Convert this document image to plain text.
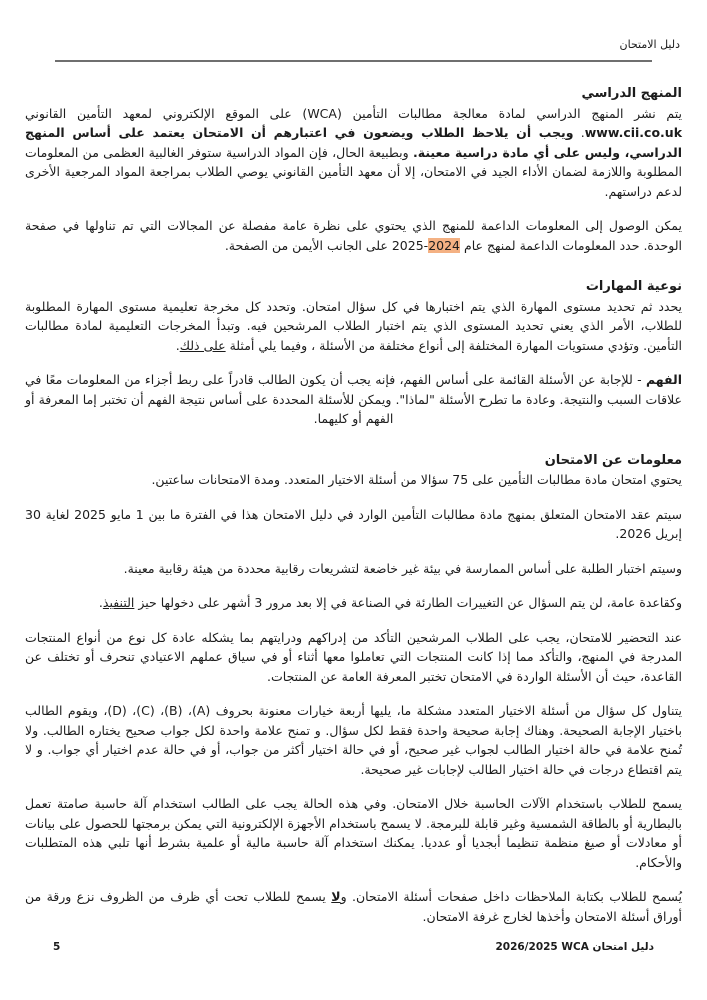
دليل الامتحان
المنهج الدراسي

يتم نشر المنهج الدراسي لمادة معالجة مطالبات التأمين (WCA) على الموقع الإلكتروني لمعهد التأمين القانوني www.cii.co.uk. ويجب أن يلاحظ الطلاب ويضعون في اعتبارهم أن الامتحان يعتمد على أساس المنهج الدراسي، وليس على أي مادة دراسية معينة. وبطبيعة الحال، فإن المواد الدراسية ستوفر الغالبية العظمى من المعلومات المطلوبة واللازمة لضمان الأداء الجيد في الامتحان، إلا أن معهد التأمين القانوني يوصي الطلاب بمراجعة المواد المرجعية الأخرى لدعم دراستهم.

يمكن الوصول إلى المعلومات الداعمة للمنهج الذي يحتوي على نظرة عامة مفصلة عن المجالات التي تم تناولها في صفحة الوحدة. حدد المعلومات الداعمة لمنهج عام 2024-2025 على الجانب الأيمن من الصفحة.

نوعية المهارات

يحدد ثم تحديد مستوى المهارة الذي يتم اختبارها في كل سؤال امتحان. وتحدد كل مخرجة تعليمية مستوى المهارة المطلوبة للطلاب، الأمر الذي يعني تحديد المستوى الذي يتم اختبار الطلاب المرشحين فيه. وتبدأ المخرجات التعليمية لمادة مطالبات التأمين. وتؤدي مستويات المهارة المختلفة إلى أنواع مختلفة من الأسئلة ، وفيما يلي أمثلة على ذلك.

الفهم - للإجابة عن الأسئلة القائمة على أساس الفهم، فإنه يجب أن يكون الطالب قادراً على ربط أجزاء من المعلومات معًا في علاقات السبب والنتيجة. وعادة ما تطرح الأسئلة "لماذا". ويمكن للأسئلة المحددة على أساس نتيجة الفهم أن تختبر إما المعرفة أو الفهم أو كليهما.

معلومات عن الامتحان

يحتوي امتحان مادة مطالبات التأمين على 75 سؤالا من أسئلة الاختيار المتعدد. ومدة الامتحانات ساعتين.

سيتم عقد الامتحان المتعلق بمنهج مادة مطالبات التأمين الوارد في دليل الامتحان هذا في الفترة ما بين 1 مايو 2025 لغاية 30 إبريل 2026.

وسيتم اختبار الطلبة على أساس الممارسة في بيئة غير خاضعة لتشريعات رقابية محددة من هيئة رقابية معينة.

وكقاعدة عامة، لن يتم السؤال عن التغييرات الطارئة في الصناعة في إلا بعد مرور 3 أشهر على دخولها حيز التنفيذ.

عند التحضير للامتحان، يجب على الطلاب المرشحين التأكد من إدراكهم ودرايتهم بما يشكله عادة كل نوع من أنواع المنتجات المدرجة في المنهج، والتأكد مما إذا كانت المنتجات التي تعاملوا معها أثناء أو في سياق عملهم الاعتيادي تنحرف أو تختلف عن القاعدة، حيث أن الأسئلة الواردة في الامتحان تختبر المعرفة العامة عن المنتجات.

يتناول كل سؤال من أسئلة الاختيار المتعدد مشكلة ما، يليها أربعة خيارات معنونة بحروف (A)، (B)، (C)، (D)، ويقوم الطالب باختيار الإجابة الصحيحة. وهناك إجابة صحيحة واحدة فقط لكل سؤال. و تمنح علامة واحدة لكل جواب صحيح يختاره الطالب. ولا تُمنح علامة في حالة اختيار الطالب لجواب غير صحيح، أو في حالة اختيار أكثر من جواب، أو في حالة عدم اختيار أي جواب. و لا يتم اقتطاع درجات في حالة اختيار الطالب لإجابات غير صحيحة.

يسمح للطلاب باستخدام الآلات الحاسبة خلال الامتحان. وفي هذه الحالة يجب على الطالب استخدام آلة حاسبة صامتة تعمل بالبطارية أو بالطاقة الشمسية وغير قابلة للبرمجة. لا يسمح باستخدام الأجهزة الإلكترونية التي يمكن برمجتها للحصول على بيانات أو معادلات أو صيغ منظمة تنظيما أبجديا أو عدديا. يمكنك استخدام آلة حاسبة مالية أو علمية بشرط أنها تلبي هذه المتطلبات والأحكام.

يُسمح للطلاب بكتابة الملاحظات داخل صفحات أسئلة الامتحان. ولا يسمح للطلاب تحت أي ظرف من الظروف نزع ورقة من أوراق أسئلة الامتحان وأخذها لخارج غرفة الامتحان.

دليل امتحان WCA 2026/2025
5
